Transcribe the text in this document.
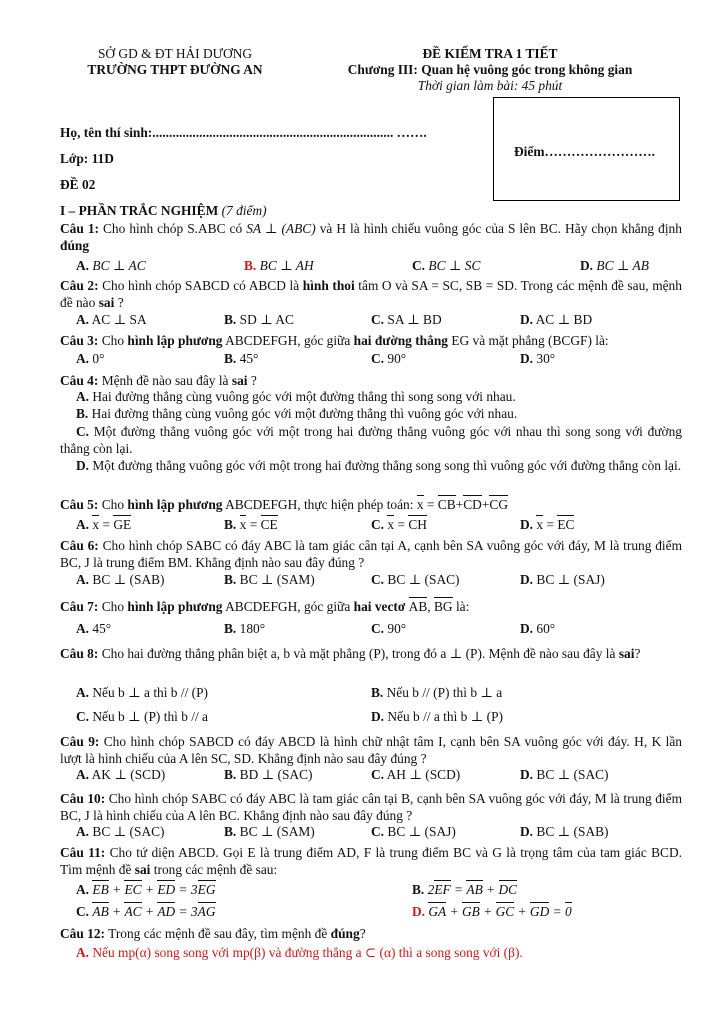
SỞ GD & ĐT HẢI DƯƠNG
TRƯỜNG THPT ĐƯỜNG AN
ĐỀ KIỂM TRA 1 TIẾT
Chương III: Quan hệ vuông góc trong không gian
Thời gian làm bài: 45 phút
Điểm…………………….
Họ, tên thí sinh:........................................................................ …….
Lớp: 11D
ĐỀ 02
I – PHẦN TRẮC NGHIỆM (7 điểm)
Câu 1: Cho hình chóp S.ABC có SA ⊥ (ABC) và H là hình chiếu vuông góc của S lên BC. Hãy chọn khẳng định đúng
A. BC ⊥ AC	B. BC ⊥ AH	C. BC ⊥ SC	D. BC ⊥ AB
Câu 2: Cho hình chóp SABCD có ABCD là hình thoi tâm O và SA = SC, SB = SD. Trong các mệnh đề sau, mệnh đề nào sai ?
A. AC ⊥ SA	B. SD ⊥ AC	C. SA ⊥ BD	D. AC ⊥ BD
Câu 3: Cho hình lập phương ABCDEFGH, góc giữa hai đường thẳng EG và mặt phẳng (BCGF) là:
A. 0°	B. 45°	C. 90°	D. 30°
Câu 4: Mệnh đề nào sau đây là sai ?
A. Hai đường thẳng cùng vuông góc với một đường thẳng thì song song với nhau.
B. Hai đường thẳng cùng vuông góc với một đường thẳng thì vuông góc với nhau.
C. Một đường thẳng vuông góc với một trong hai đường thẳng vuông góc với nhau thì song song với đường thẳng còn lại.
D. Một đường thẳng vuông góc với một trong hai đường thẳng song song thì vuông góc với đường thẳng còn lại.
Câu 5: Cho hình lập phương ABCDEFGH, thực hiện phép toán: x = CB+CD+CG
A. x = GE	B. x = CE	C. x = CH	D. x = EC
Câu 6: Cho hình chóp SABC có đáy ABC là tam giác cân tại A, cạnh bên SA vuông góc với đáy, M là trung điểm BC, J là trung điểm BM. Khẳng định nào sau đây đúng ?
A. BC ⊥ (SAB)	B. BC ⊥ (SAM)	C. BC ⊥ (SAC)	D. BC ⊥ (SAJ)
Câu 7: Cho hình lập phương ABCDEFGH, góc giữa hai vectơ AB, BG là:
A. 45°	B. 180°	C. 90°	D. 60°
Câu 8: Cho hai đường thẳng phân biệt a, b và mặt phẳng (P), trong đó a ⊥ (P). Mệnh đề nào sau đây là sai?
A. Nếu b ⊥ a thì b // (P)	B. Nếu b // (P) thì b ⊥ a
C. Nếu b ⊥ (P) thì b // a	D. Nếu b // a thì b ⊥ (P)
Câu 9: Cho hình chóp SABCD có đáy ABCD là hình chữ nhật tâm I, cạnh bên SA vuông góc với đáy. H, K lần lượt là hình chiếu của A lên SC, SD. Khẳng định nào sau đây đúng ?
A. AK ⊥ (SCD)	B. BD ⊥ (SAC)	C. AH ⊥ (SCD)	D. BC ⊥ (SAC)
Câu 10: Cho hình chóp SABC có đáy ABC là tam giác cân tại B, cạnh bên SA vuông góc với đáy, M là trung điểm BC, J là hình chiếu của A lên BC. Khẳng định nào sau đây đúng ?
A. BC ⊥ (SAC)	B. BC ⊥ (SAM)	C. BC ⊥ (SAJ)	D. BC ⊥ (SAB)
Câu 11: Cho tứ diện ABCD. Gọi E là trung điểm AD, F là trung điểm BC và G là trọng tâm của tam giác BCD. Tìm mệnh đề sai trong các mệnh đề sau:
A. EB + EC + ED = 3EG	B. 2EF = AB + DC
C. AB + AC + AD = 3AG	D. GA + GB + GC + GD = 0
Câu 12: Trong các mệnh đề sau đây, tìm mệnh đề đúng?
A. Nếu mp(α) song song với mp(β) và đường thẳng a ⊂ (α) thì a song song với (β).
